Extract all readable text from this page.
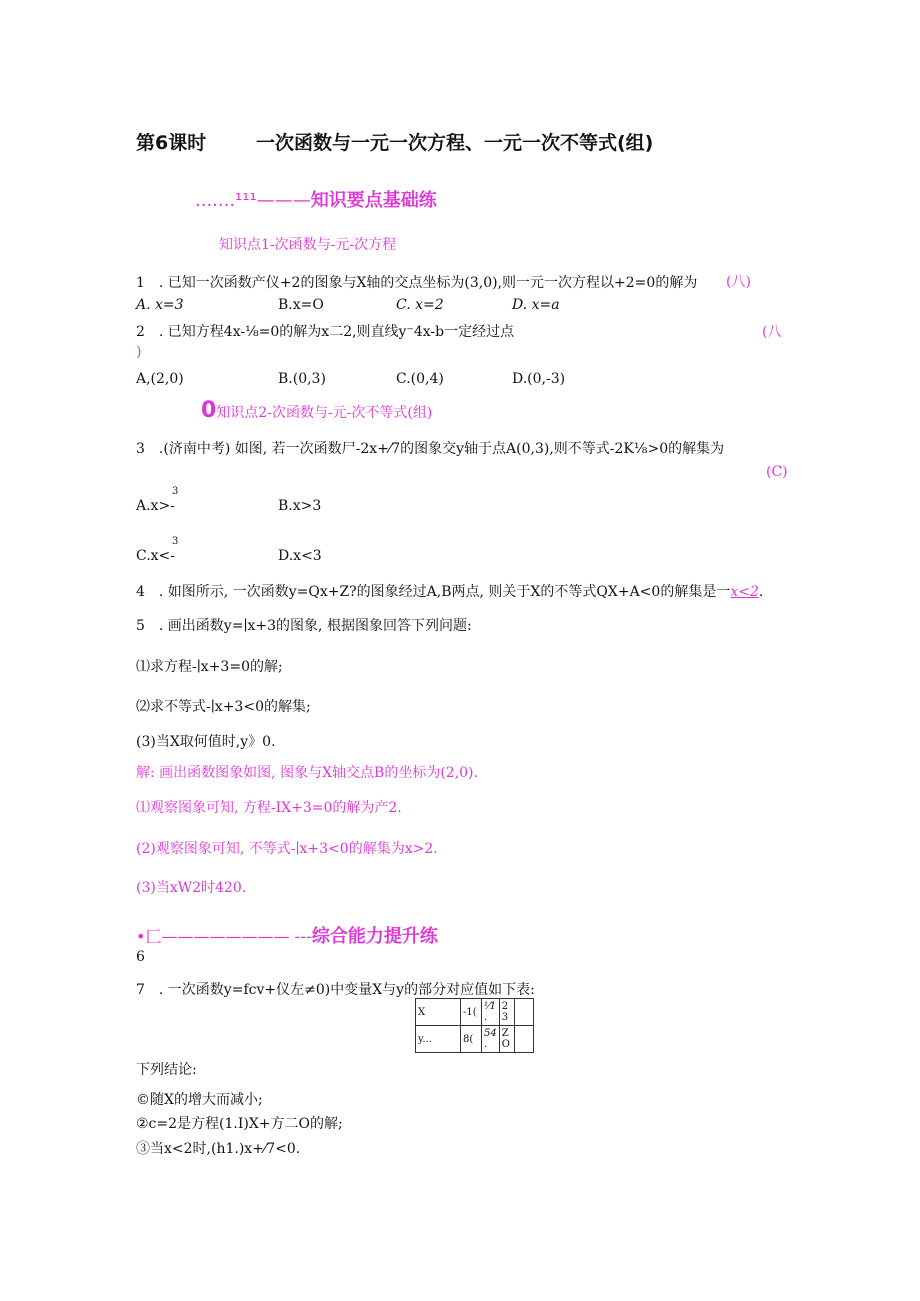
第6课时	一次函数与一元一次方程、一元一次不等式(组)
.......¹¹¹———知识要点基础练
知识点1-次函数与-元-次方程
1　. 已知一次函数产仪+2的图象与X轴的交点坐标为(3,0),则一元一次方程以+2=0的解为 (八)
A. x=3	B.x=O	C. x=2	D. x=a
2　. 已知方程4x-⅛=0的解为x二2,则直线y⁻4x-b一定经过点	(八
)
A,(2,0)	B.(0,3)	C.(0,4)	D.(0,-3)
0知识点2-次函数与-元-次不等式(组)
3　.(济南中考) 如图, 若一次函数尸-2x+⁄7的图象交y轴于点A(0,3),则不等式-2K⅛>0的解集为
(C)
3
A.x>-	B.x>3
3
C.x<-	D.x<3
4　. 如图所示, 一次函数y=Qx+Z?的图象经过A,B两点, 则关于X的不等式QX+A<0的解集是一x<2.
5　. 画出函数y=∣x+3的图象, 根据图象回答下列问题:
⑴求方程-∣x+3=0的解;
⑵求不等式-∣x+3<0的解集;
(3)当X取何值时,y》0.
解: 画出函数图象如图, 图象与X轴交点B的坐标为(2,0).
⑴观察图象可知, 方程-IX+3=0的解为产2.
(2)观察图象可知, 不等式-∣x+3<0的解集为x>2.
(3)当xW2时420.
•匚———————— ---综合能力提升练
6
7　. 一次函数y=fcv+仪左≠0)中变量X与y的部分对应值如下表:
X	-1(	⅟1 .	2 3	
y...	8(	54 .	Z O	
下列结论:
©随X的增大而减小;
②c=2是方程(1.I)X+方二O的解;
③当x<2时,(h1.)x+⁄7<0.
